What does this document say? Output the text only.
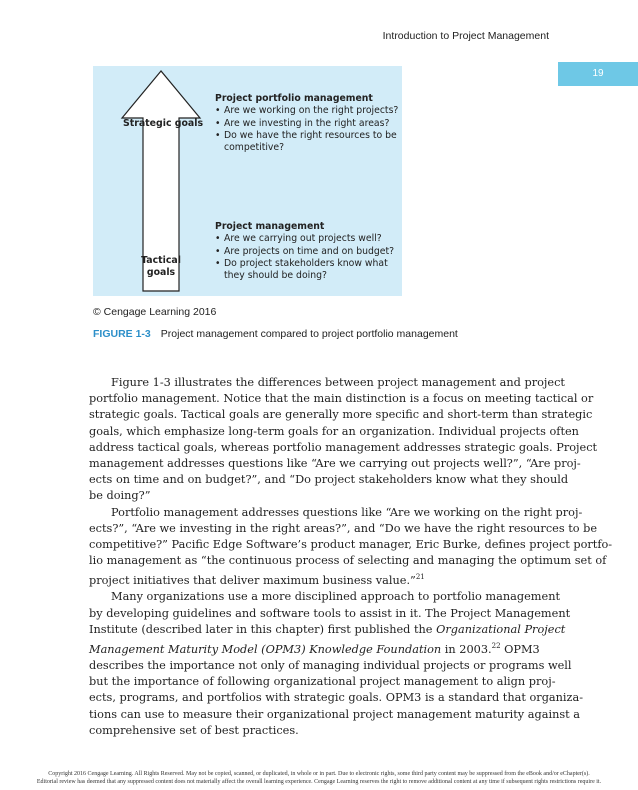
Introduction to Project Management
19
Strategic goals
Tactical
goals
Project portfolio management
• Are we working on the right projects?
• Are we investing in the right areas?
• Do we have the right resources to be competitive?
Project management
• Are we carrying out projects well?
• Are projects on time and on budget?
• Do project stakeholders know what they should be doing?
© Cengage Learning 2016
FIGURE 1-3 Project management compared to project portfolio management

Figure 1-3 illustrates the differences between project management and project
portfolio management. Notice that the main distinction is a focus on meeting tactical or
strategic goals. Tactical goals are generally more specific and short-term than strategic
goals, which emphasize long-term goals for an organization. Individual projects often
address tactical goals, whereas portfolio management addresses strategic goals. Project
management addresses questions like “Are we carrying out projects well?”, “Are proj-
ects on time and on budget?”, and “Do project stakeholders know what they should
be doing?”

Portfolio management addresses questions like “Are we working on the right proj-
ects?”, “Are we investing in the right areas?”, and “Do we have the right resources to be
competitive?” Pacific Edge Software’s product manager, Eric Burke, defines project portfo-
lio management as “the continuous process of selecting and managing the optimum set of
project initiatives that deliver maximum business value.”$^{21}$

Many organizations use a more disciplined approach to portfolio management
by developing guidelines and software tools to assist in it. The Project Management
Institute (described later in this chapter) first published the Organizational Project
Management Maturity Model (OPM3) Knowledge Foundation in 2003.22 OPM3
describes the importance not only of managing individual projects or programs well
but the importance of following organizational project management to align proj-
ects, programs, and portfolios with strategic goals. OPM3 is a standard that organiza-
tions can use to measure their organizational project management maturity against a
comprehensive set of best practices.

Copyright 2016 Cengage Learning. All Rights Reserved. May not be copied, scanned, or duplicated, in whole or in part. Due to electronic rights, some third party content may be suppressed from the eBook and/or eChapter(s).
Editorial review has deemed that any suppressed content does not materially affect the overall learning experience. Cengage Learning reserves the right to remove additional content at any time if subsequent rights restrictions require it.
